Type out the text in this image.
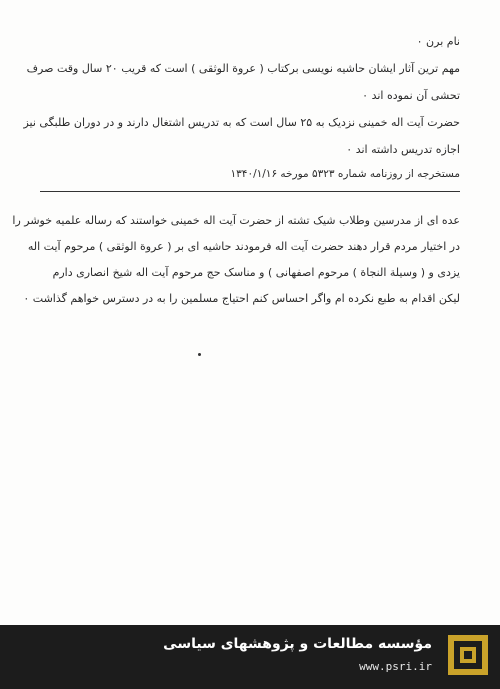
نام برن ۰
مهم ترین آثار ایشان حاشیه نویسی برکتاب ( عروة الوثقی ) است که قریب ۲۰ سال وقت صرف
تحشی آن نموده اند ۰
حضرت آیت اله خمینی نزدیک به ۲۵ سال است که به تدریس اشتغال دارند و در دوران طلبگی نیز
اجازه تدریس داشته اند ۰
مستخرجه از روزنامه شماره ۵۳۲۳ مورخه ۱۳۴۰/۱/۱۶
عده ای از مدرسین وطلاب شیک تشته از حضرت آیت اله خمینی خواستند که رساله علمیه خوشر را
در اختیار مردم قرار دهند حضرت آیت اله فرمودند حاشیه ای بر ( عروة الوثقی ) مرحوم آیت اله
یزدی و ( وسیلة النجاة ) مرحوم اصفهانی ) و مناسک حج مرحوم آیت اله شیخ انصاری دارم
لیکن اقدام به طبع نکرده ام واگر احساس کنم احتیاج مسلمین را به در دسترس خواهم گذاشت ۰
مؤسسه مطالعات و پژوهشهای سیاسی
www.psri.ir
